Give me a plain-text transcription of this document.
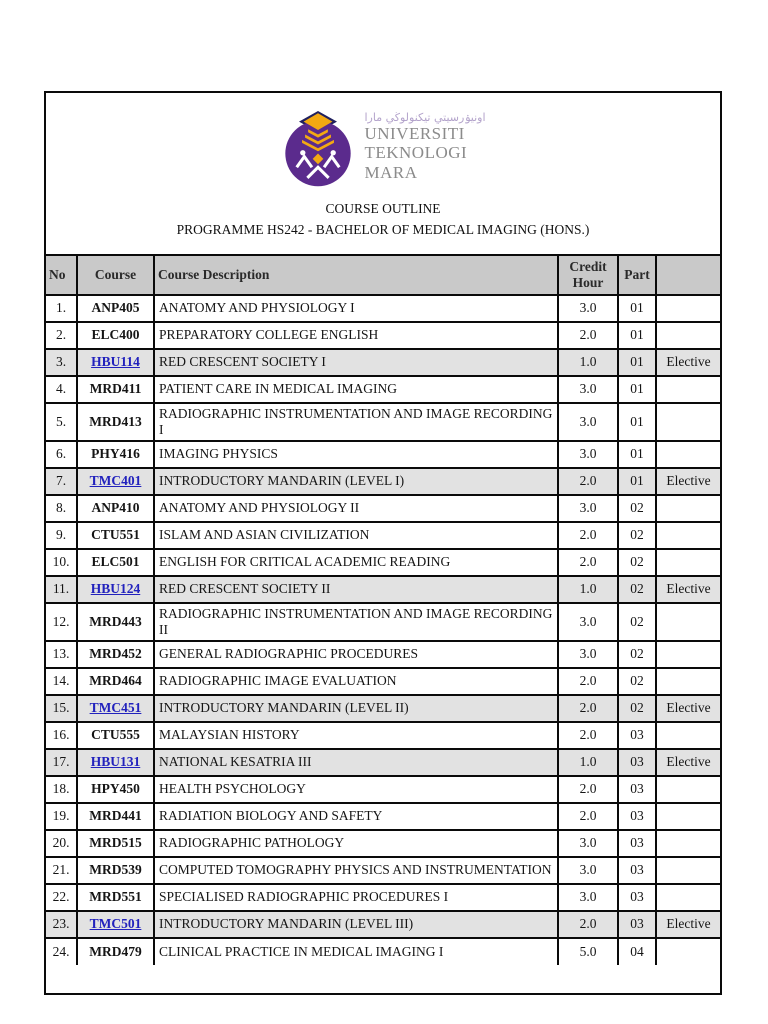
اونيۏرسيتي تيكنولوڬي مارا
UNIVERSITI
TEKNOLOGI
MARA
COURSE OUTLINE
PROGRAMME HS242 - BACHELOR OF MEDICAL IMAGING (HONS.)
No	Course	Course Description	Credit Hour	Part	
1.	ANP405	ANATOMY AND PHYSIOLOGY I	3.0	01	
2.	ELC400	PREPARATORY COLLEGE ENGLISH	2.0	01	
3.	HBU114	RED CRESCENT SOCIETY I	1.0	01	Elective
4.	MRD411	PATIENT CARE IN MEDICAL IMAGING	3.0	01	
5.	MRD413	RADIOGRAPHIC INSTRUMENTATION AND IMAGE RECORDING I	3.0	01	
6.	PHY416	IMAGING PHYSICS	3.0	01	
7.	TMC401	INTRODUCTORY MANDARIN (LEVEL I)	2.0	01	Elective
8.	ANP410	ANATOMY AND PHYSIOLOGY II	3.0	02	
9.	CTU551	ISLAM AND ASIAN CIVILIZATION	2.0	02	
10.	ELC501	ENGLISH FOR CRITICAL ACADEMIC READING	2.0	02	
11.	HBU124	RED CRESCENT SOCIETY II	1.0	02	Elective
12.	MRD443	RADIOGRAPHIC INSTRUMENTATION AND IMAGE RECORDING II	3.0	02	
13.	MRD452	GENERAL RADIOGRAPHIC PROCEDURES	3.0	02	
14.	MRD464	RADIOGRAPHIC IMAGE EVALUATION	2.0	02	
15.	TMC451	INTRODUCTORY MANDARIN (LEVEL II)	2.0	02	Elective
16.	CTU555	MALAYSIAN HISTORY	2.0	03	
17.	HBU131	NATIONAL KESATRIA III	1.0	03	Elective
18.	HPY450	HEALTH PSYCHOLOGY	2.0	03	
19.	MRD441	RADIATION BIOLOGY AND SAFETY	2.0	03	
20.	MRD515	RADIOGRAPHIC PATHOLOGY	3.0	03	
21.	MRD539	COMPUTED TOMOGRAPHY PHYSICS AND INSTRUMENTATION	3.0	03	
22.	MRD551	SPECIALISED RADIOGRAPHIC PROCEDURES I	3.0	03	
23.	TMC501	INTRODUCTORY MANDARIN (LEVEL III)	2.0	03	Elective
24.	MRD479	CLINICAL PRACTICE IN MEDICAL IMAGING I	5.0	04	
